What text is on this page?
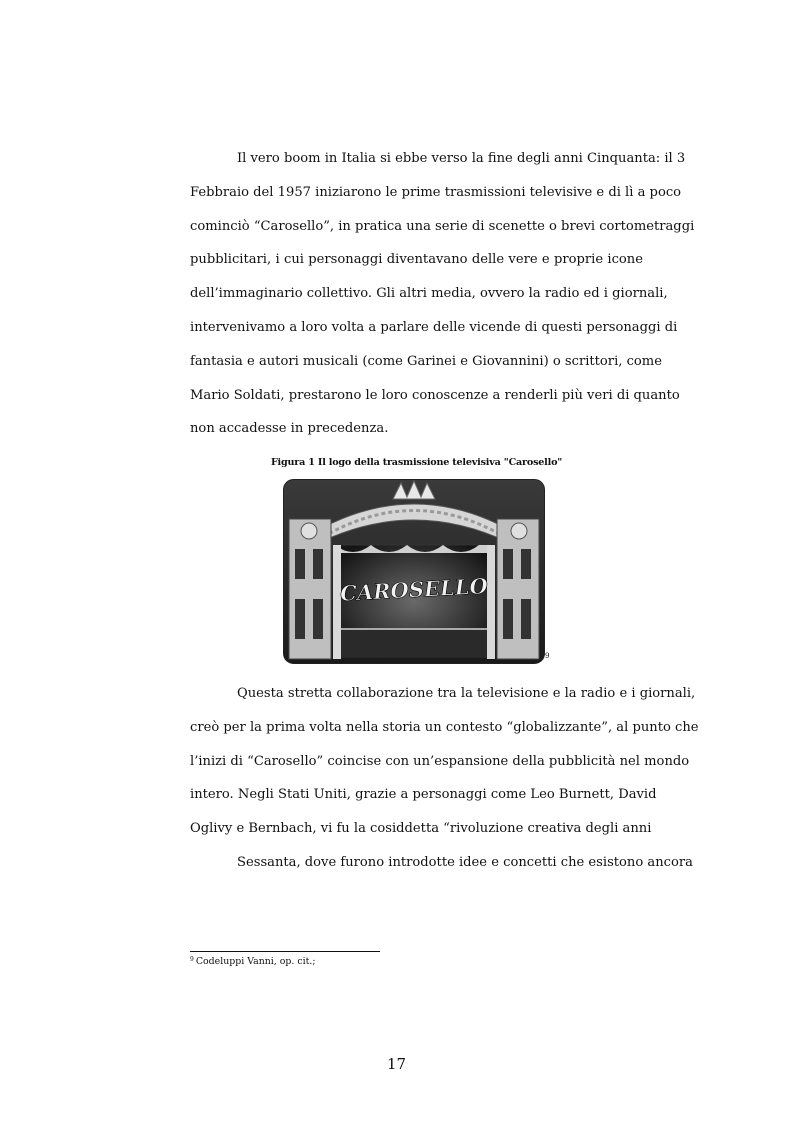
Il vero boom in Italia si ebbe verso la fine degli anni Cinquanta: il 3
Febbraio del 1957 iniziarono le prime trasmissioni televisive e di lì a poco
cominciò “Carosello”, in pratica una serie di scenette o brevi cortometraggi
pubblicitari, i cui personaggi diventavano delle vere e proprie icone
dell’immaginario collettivo. Gli altri media, ovvero la radio ed i giornali,
intervenivamo a loro volta a parlare delle vicende di questi personaggi di
fantasia e autori musicali (come Garinei e Giovannini) o scrittori, come
Mario Soldati, prestarono le loro conoscenze a renderli più veri di quanto
non accadesse in precedenza.

Figura 1 Il logo della trasmissione televisiva "Carosello"

CAROSELLO
9
Questa stretta collaborazione tra la televisione e la radio e i giornali,
creò per la prima volta nella storia un contesto “globalizzante”, al punto che
l’inizi di “Carosello” coincise con un’espansione della pubblicità nel mondo
intero. Negli Stati Uniti, grazie a personaggi come Leo Burnett, David
Oglivy e Bernbach, vi fu la cosiddetta “rivoluzione creativa degli anni
Sessanta, dove furono introdotte idee e concetti che esistono ancora

$^9$ Codeluppi Vanni, op. cit.;

17
